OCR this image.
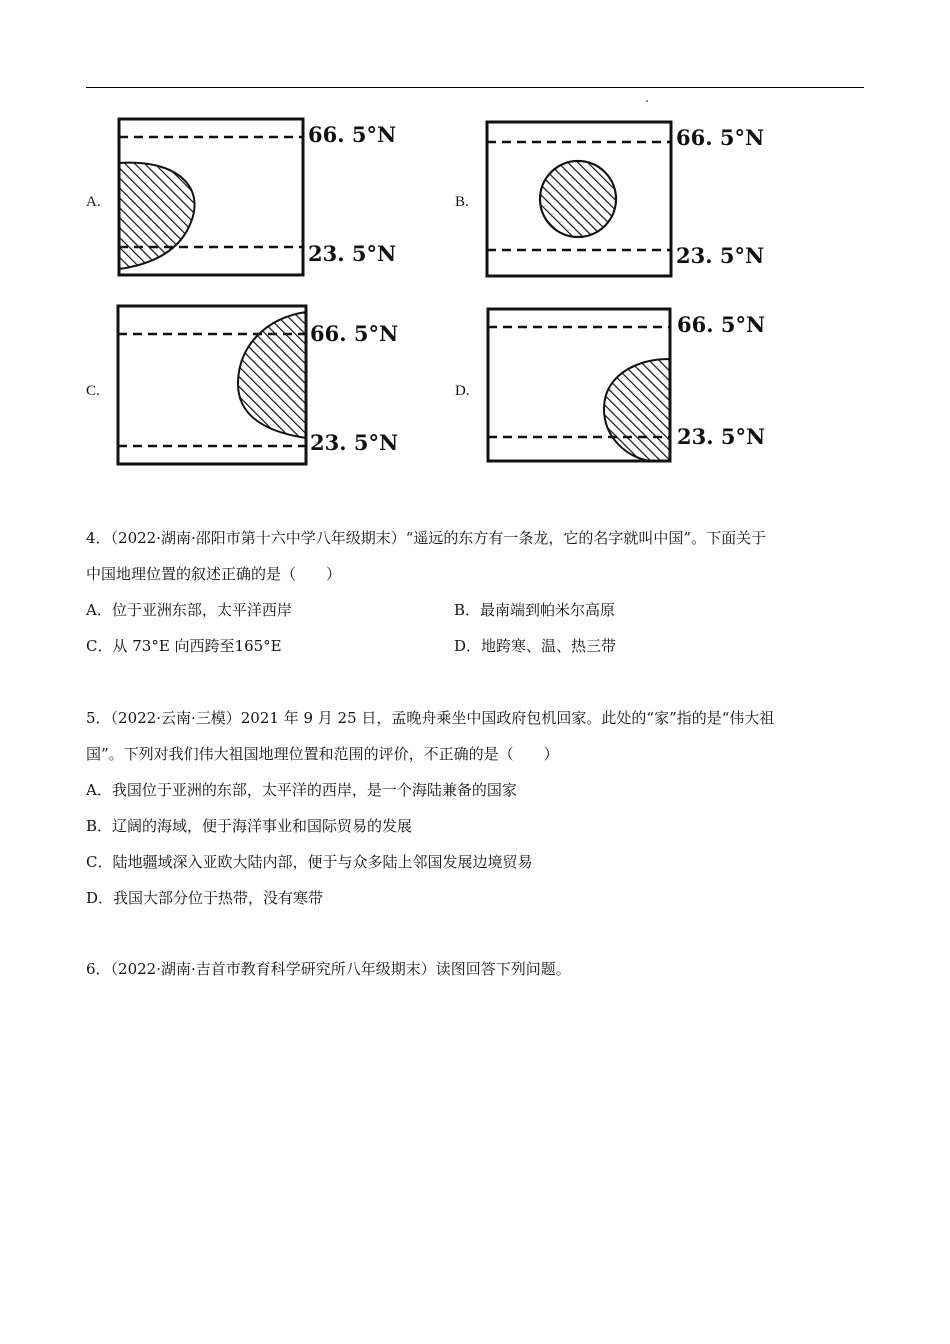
A.
66. 5°N
23. 5°N
B.
66. 5°N
23. 5°N
C.
66. 5°N
23. 5°N
D.
66. 5°N
23. 5°N

4．（2022·湖南·邵阳市第十六中学八年级期末）“遥远的东方有一条龙，它的名字就叫中国”。下面关于

中国地理位置的叙述正确的是（　　）

A．位于亚洲东部，太平洋西岸	B．最南端到帕米尔高原
C．从 73°E 向西跨至165°E	D．地跨寒、温、热三带

5．（2022·云南·三模）2021 年 9 月 25 日，孟晚舟乘坐中国政府包机回家。此处的“家”指的是“伟大祖

国”。下列对我们伟大祖国地理位置和范围的评价，不正确的是（　　）

A．我国位于亚洲的东部，太平洋的西岸，是一个海陆兼备的国家

B．辽阔的海域，便于海洋事业和国际贸易的发展

C．陆地疆域深入亚欧大陆内部，便于与众多陆上邻国发展边境贸易

D．我国大部分位于热带，没有寒带

6．（2022·湖南·吉首市教育科学研究所八年级期末）读图回答下列问题。
